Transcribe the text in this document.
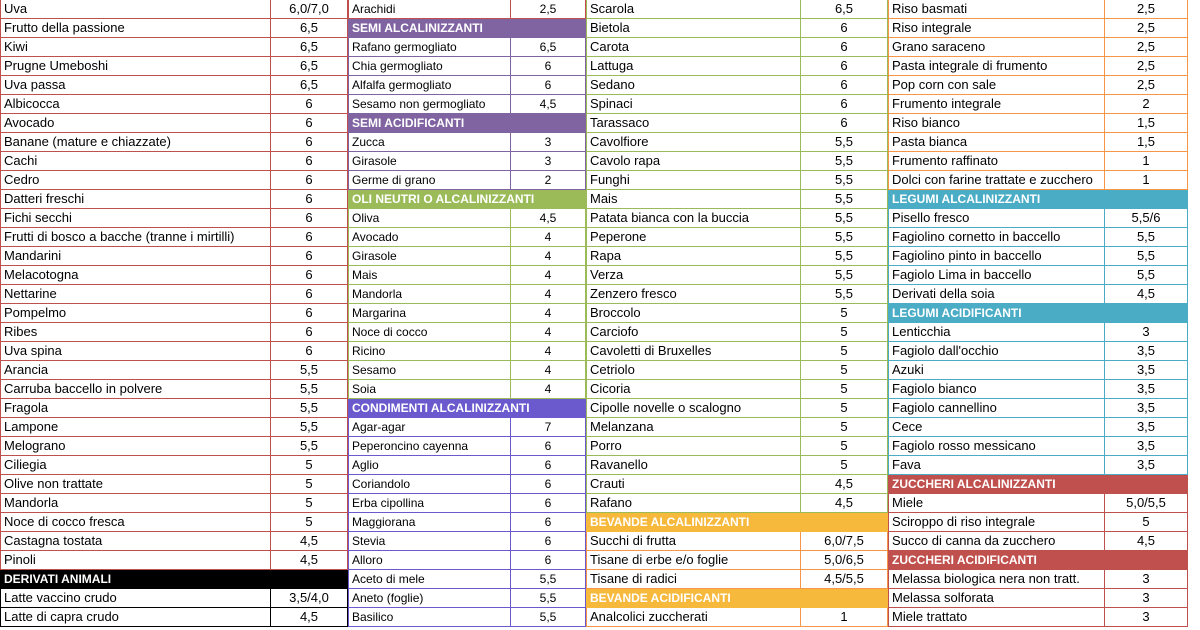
Uva	6,0/7,0
Frutto della passione	6,5
Kiwi	6,5
Prugne Umeboshi	6,5
Uva passa	6,5
Albicocca	6
Avocado	6
Banane (mature e chiazzate)	6
Cachi	6
Cedro	6
Datteri freschi	6
Fichi secchi	6
Frutti di bosco a bacche (tranne i mirtilli)	6
Mandarini	6
Melacotogna	6
Nettarine	6
Pompelmo	6
Ribes	6
Uva spina	6
Arancia	5,5
Carruba baccello in polvere	5,5
Fragola	5,5
Lampone	5,5
Melograno	5,5
Ciliegia	5
Olive non trattate	5
Mandorla	5
Noce di cocco fresca	5
Castagna tostata	4,5
Pinoli	4,5
DERIVATI ANIMALI
Latte vaccino crudo	3,5/4,0
Latte di capra crudo	4,5
Arachidi	2,5
SEMI ALCALINIZZANTI
Rafano germogliato	6,5
Chia germogliato	6
Alfalfa germogliato	6
Sesamo non germogliato	4,5
SEMI ACIDIFICANTI
Zucca	3
Girasole	3
Germe di grano	2
OLI NEUTRI O ALCALINIZZANTI
Oliva	4,5
Avocado	4
Girasole	4
Mais	4
Mandorla	4
Margarina	4
Noce di cocco	4
Ricino	4
Sesamo	4
Soia	4
CONDIMENTI ALCALINIZZANTI
Agar-agar	7
Peperoncino cayenna	6
Aglio	6
Coriandolo	6
Erba cipollina	6
Maggiorana	6
Stevia	6
Alloro	6
Aceto di mele	5,5
Aneto (foglie)	5,5
Basilico	5,5
Scarola	6,5
Bietola	6
Carota	6
Lattuga	6
Sedano	6
Spinaci	6
Tarassaco	6
Cavolfiore	5,5
Cavolo rapa	5,5
Funghi	5,5
Mais	5,5
Patata bianca con la buccia	5,5
Peperone	5,5
Rapa	5,5
Verza	5,5
Zenzero fresco	5,5
Broccolo	5
Carciofo	5
Cavoletti di Bruxelles	5
Cetriolo	5
Cicoria	5
Cipolle novelle o scalogno	5
Melanzana	5
Porro	5
Ravanello	5
Crauti	4,5
Rafano	4,5
BEVANDE ALCALINIZZANTI
Succhi di frutta	6,0/7,5
Tisane di erbe e/o foglie	5,0/6,5
Tisane di radici	4,5/5,5
BEVANDE ACIDIFICANTI
Analcolici zuccherati	1
Riso basmati	2,5
Riso integrale	2,5
Grano saraceno	2,5
Pasta integrale di frumento	2,5
Pop corn con sale	2,5
Frumento integrale	2
Riso bianco	1,5
Pasta bianca	1,5
Frumento raffinato	1
Dolci con farine trattate e zucchero	1
LEGUMI ALCALINIZZANTI
Pisello fresco	5,5/6
Fagiolino cornetto in baccello	5,5
Fagiolino pinto in baccello	5,5
Fagiolo Lima in baccello	5,5
Derivati della soia	4,5
LEGUMI ACIDIFICANTI
Lenticchia	3
Fagiolo dall'occhio	3,5
Azuki	3,5
Fagiolo bianco	3,5
Fagiolo cannellino	3,5
Cece	3,5
Fagiolo rosso messicano	3,5
Fava	3,5
ZUCCHERI ALCALINIZZANTI
Miele	5,0/5,5
Sciroppo di riso integrale	5
Succo di canna da zucchero	4,5
ZUCCHERI ACIDIFICANTI
Melassa biologica nera non tratt.	3
Melassa solforata	3
Miele trattato	3
